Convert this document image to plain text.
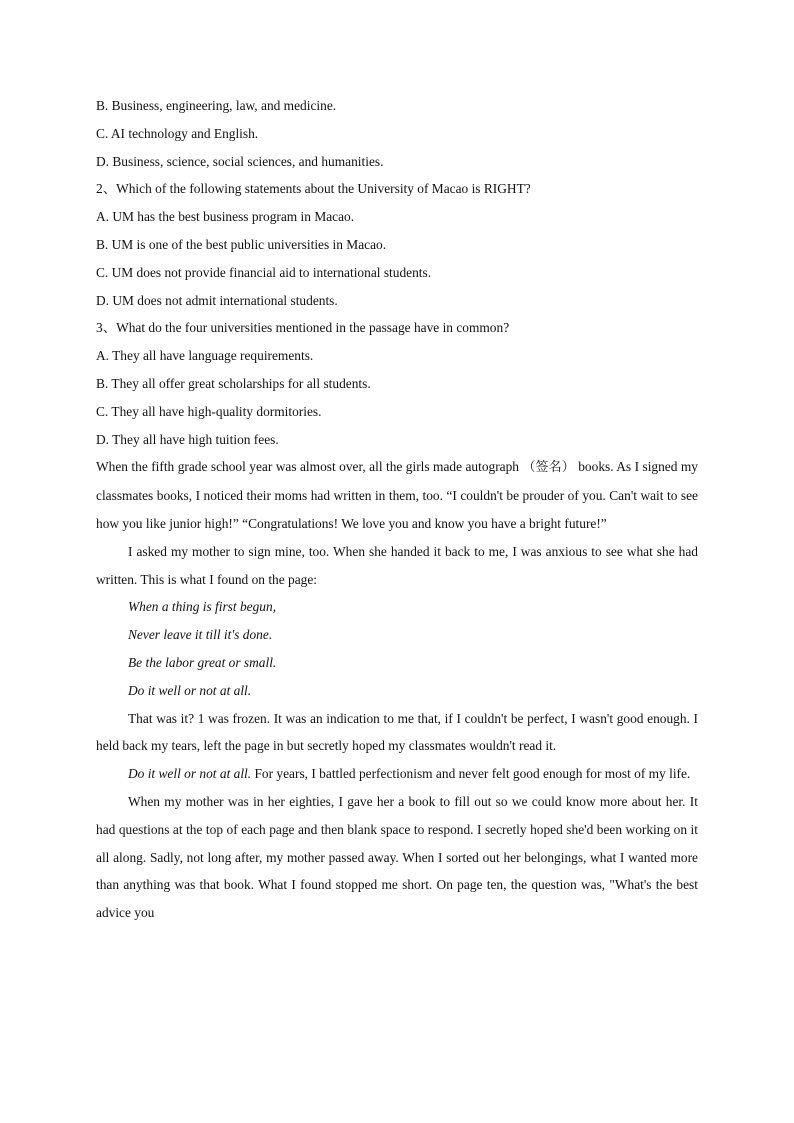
B. Business, engineering, law, and medicine.

C. AI technology and English.

D. Business, science, social sciences, and humanities.

2、Which of the following statements about the University of Macao is RIGHT?

A. UM has the best business program in Macao.

B. UM is one of the best public universities in Macao.

C. UM does not provide financial aid to international students.

D. UM does not admit international students.

3、What do the four universities mentioned in the passage have in common?

A. They all have language requirements.

B. They all offer great scholarships for all students.

C. They all have high-quality dormitories.

D. They all have high tuition fees.

When the fifth grade school year was almost over, all the girls made autograph （签名） books. As I signed my classmates books, I noticed their moms had written in them, too. “I couldn't be prouder of you. Can't wait to see how you like junior high!” “Congratulations! We love you and know you have a bright future!”

I asked my mother to sign mine, too. When she handed it back to me, I was anxious to see what she had written. This is what I found on the page:

When a thing is first begun,

Never leave it till it's done.

Be the labor great or small.

Do it well or not at all.

That was it? 1 was frozen. It was an indication to me that, if I couldn't be perfect, I wasn't good enough. I held back my tears, left the page in but secretly hoped my classmates wouldn't read it.

Do it well or not at all. For years, I battled perfectionism and never felt good enough for most of my life.

When my mother was in her eighties, I gave her a book to fill out so we could know more about her. It had questions at the top of each page and then blank space to respond. I secretly hoped she'd been working on it all along. Sadly, not long after, my mother passed away. When I sorted out her belongings, what I wanted more than anything was that book. What I found stopped me short. On page ten, the question was, "What's the best advice you
